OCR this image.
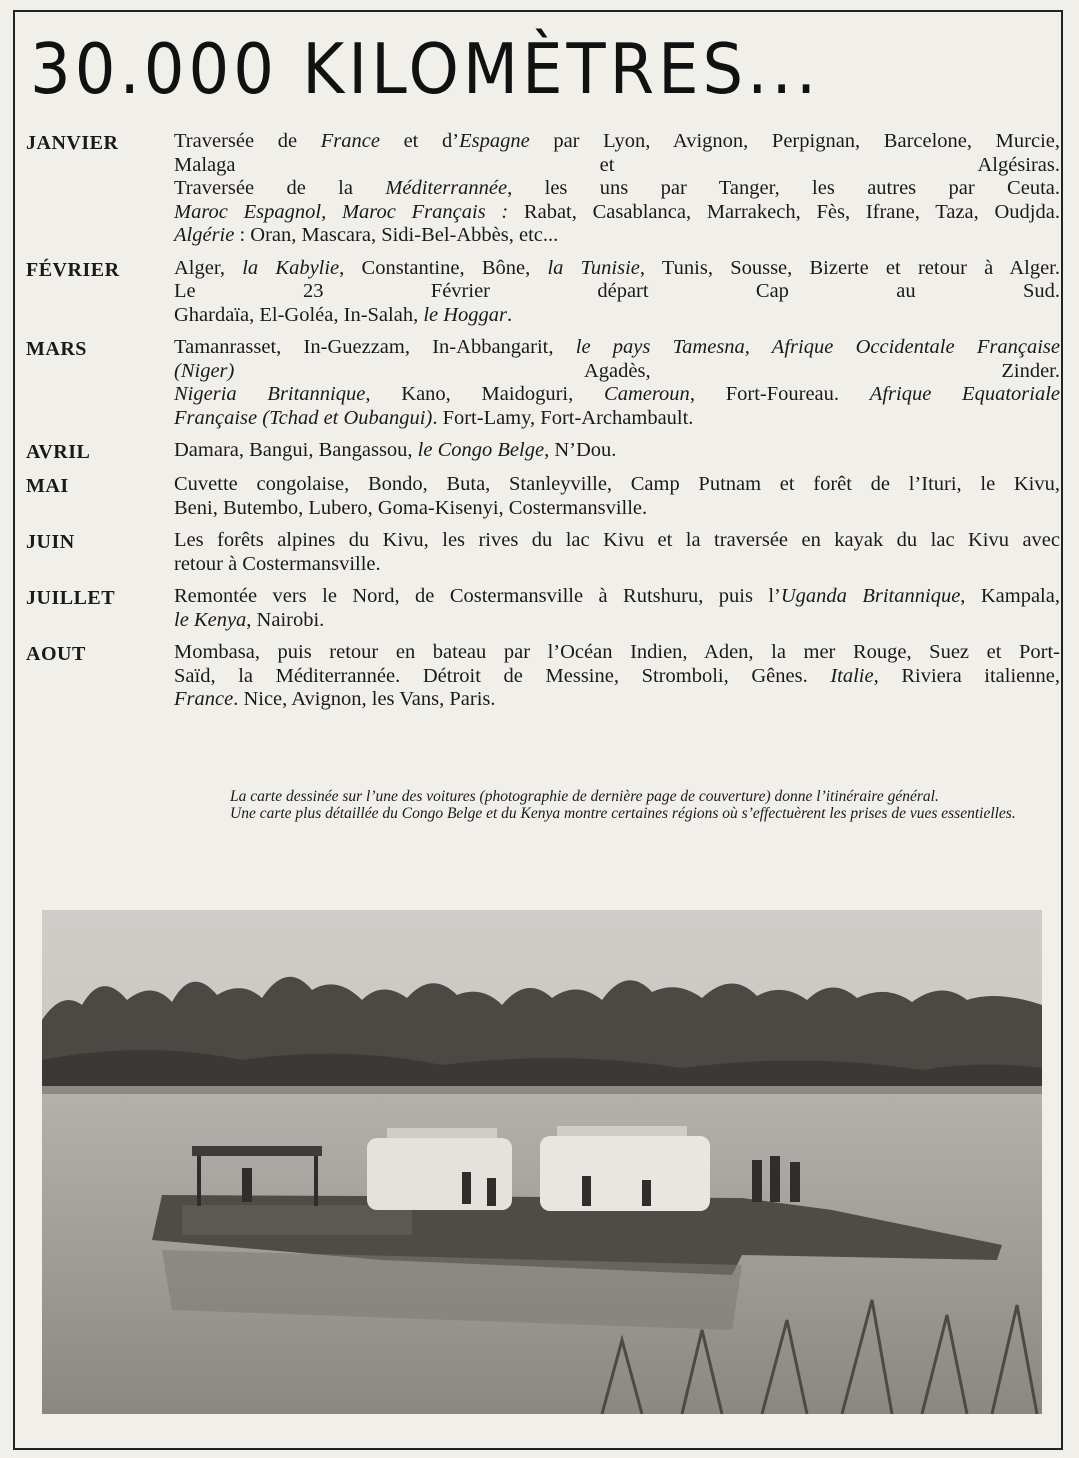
30.000 KILOMÈTRES...
JANVIER	Traversée de France et d’Espagne par Lyon, Avignon, Perpignan, Barcelone, Murcie,
Malaga et Algésiras.
Traversée de la Méditerrannée, les uns par Tanger, les autres par Ceuta.
Maroc Espagnol, Maroc Français : Rabat, Casablanca, Marrakech, Fès, Ifrane, Taza, Oudjda.
Algérie : Oran, Mascara, Sidi-Bel-Abbès, etc...
FÉVRIER	Alger, la Kabylie, Constantine, Bône, la Tunisie, Tunis, Sousse, Bizerte et retour à Alger.
Le 23 Février départ Cap au Sud.
Ghardaïa, El-Goléa, In-Salah, le Hoggar.
MARS	Tamanrasset, In-Guezzam, In-Abbangarit, le pays Tamesna, Afrique Occidentale Française
(Niger) Agadès, Zinder.
Nigeria Britannique, Kano, Maidoguri, Cameroun, Fort-Foureau. Afrique Equatoriale
Française (Tchad et Oubangui). Fort-Lamy, Fort-Archambault.
AVRIL	Damara, Bangui, Bangassou, le Congo Belge, N’Dou.
MAI	Cuvette congolaise, Bondo, Buta, Stanleyville, Camp Putnam et forêt de l’Ituri, le Kivu,
Beni, Butembo, Lubero, Goma-Kisenyi, Costermansville.
JUIN	Les forêts alpines du Kivu, les rives du lac Kivu et la traversée en kayak du lac Kivu avec
retour à Costermansville.
JUILLET	Remontée vers le Nord, de Costermansville à Rutshuru, puis l’Uganda Britannique, Kampala,
le Kenya, Nairobi.
AOUT	Mombasa, puis retour en bateau par l’Océan Indien, Aden, la mer Rouge, Suez et Port-
Saïd, la Méditerrannée. Détroit de Messine, Stromboli, Gênes. Italie, Riviera italienne,
France. Nice, Avignon, les Vans, Paris.

La carte dessinée sur l’une des voitures (photographie de dernière page de couverture) donne l’itinéraire général.

Une carte plus détaillée du Congo Belge et du Kenya montre certaines régions où s’effectuèrent les prises de vues essentielles.
